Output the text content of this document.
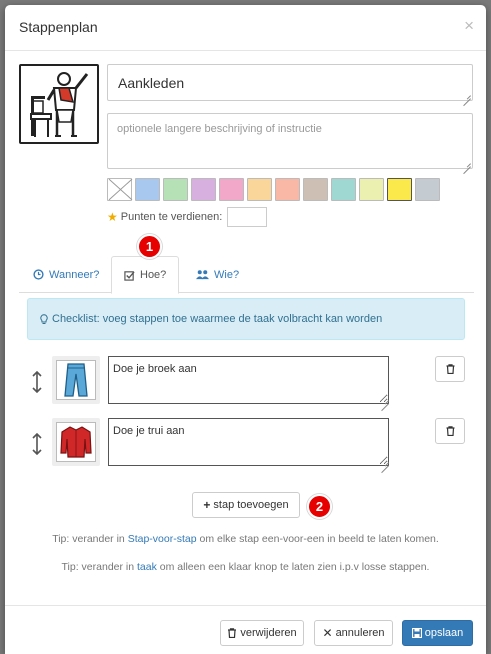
Stappenplan	×
Aankleden
optionele langere beschrijving of instructie
★ Punten te verdienen:
Wanneer?	Hoe?	Wie?
1
Checklist: voeg stappen toe waarmee de taak volbracht kan worden
Doe je broek aan
Doe je trui aan
+ stap toevoegen	2
Tip: verander in Stap-voor-stap om elke stap een-voor-een in beeld te laten komen.
Tip: verander in taak om alleen een klaar knop te laten zien i.p.v losse stappen.
verwijderen ✕ annuleren	opslaan
